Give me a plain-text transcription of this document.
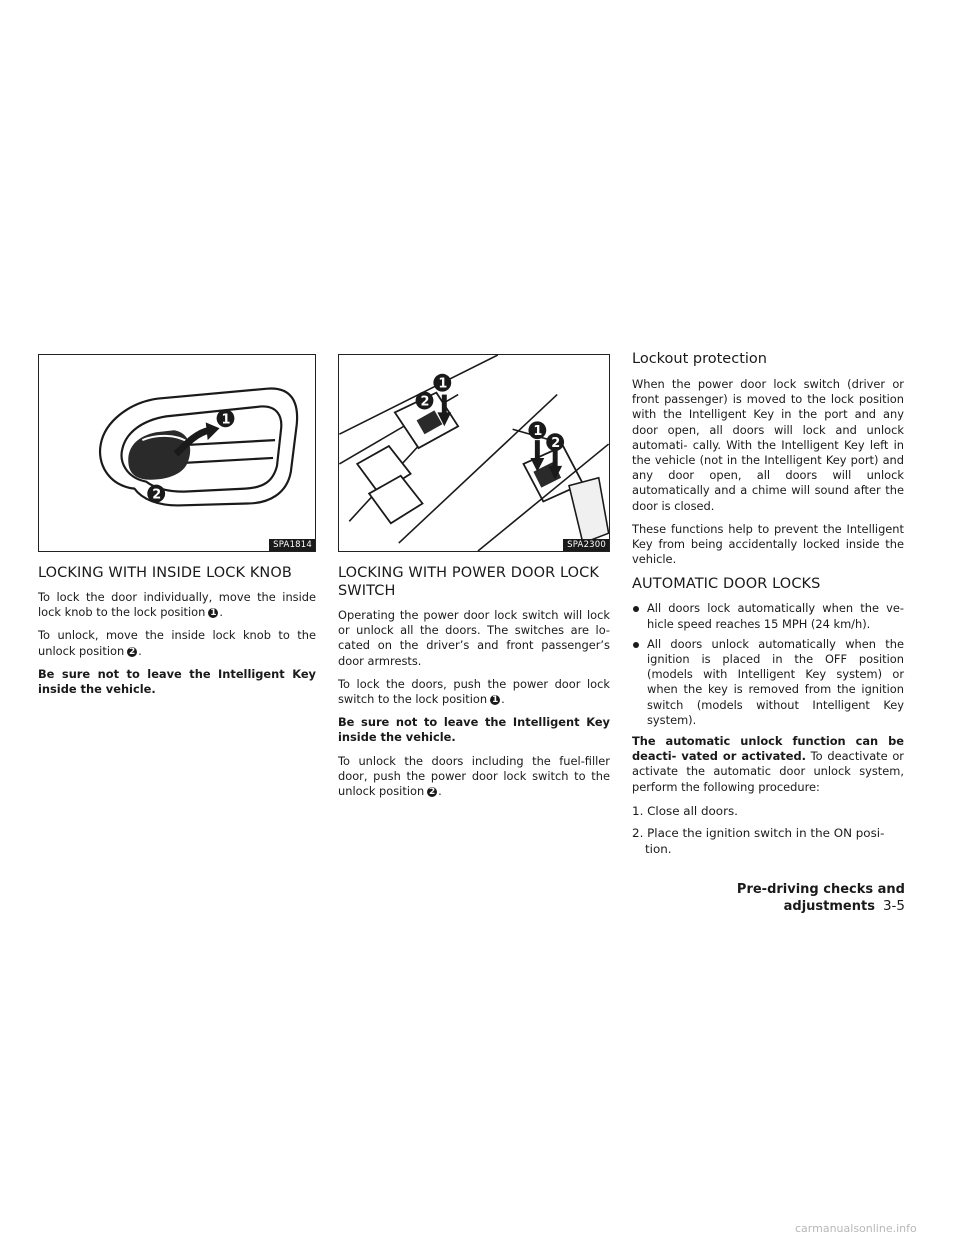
1
2
SPA1814
LOCKING WITH INSIDE LOCK KNOB

To lock the door individually, move the inside lock knob to the lock position 1 .

To unlock, move the inside lock knob to the unlock position 2 .

Be sure not to leave the Intelligent Key inside the vehicle.

1
2
1
2
SPA2300
LOCKING WITH POWER DOOR LOCK SWITCH

Operating the power door lock switch will lock or unlock all the doors. The switches are lo- cated on the driver’s and front passenger’s door armrests.

To lock the doors, push the power door lock switch to the lock position 1 .

Be sure not to leave the Intelligent Key inside the vehicle.

To unlock the doors including the fuel-filler door, push the power door lock switch to the unlock position 2 .

Lockout protection

When the power door lock switch (driver or front passenger) is moved to the lock position with the Intelligent Key in the port and any door open, all doors will lock and unlock automati- cally. With the Intelligent Key left in the vehicle (not in the Intelligent Key port) and any door open, all doors will unlock automatically and a chime will sound after the door is closed.

These functions help to prevent the Intelligent Key from being accidentally locked inside the vehicle.

AUTOMATIC DOOR LOCKS
All doors lock automatically when the ve- hicle speed reaches 15 MPH (24 km/h).
All doors unlock automatically when the ignition is placed in the OFF position (models with Intelligent Key system) or when the key is removed from the ignition switch (models without Intelligent Key system).

The automatic unlock function can be deacti- vated or activated. To deactivate or activate the automatic door unlock system, perform the following procedure:

1. Close all doors.
2. Place the ignition switch in the ON posi- tion.
Pre-driving checks and adjustments 3-5
carmanualsonline.info
